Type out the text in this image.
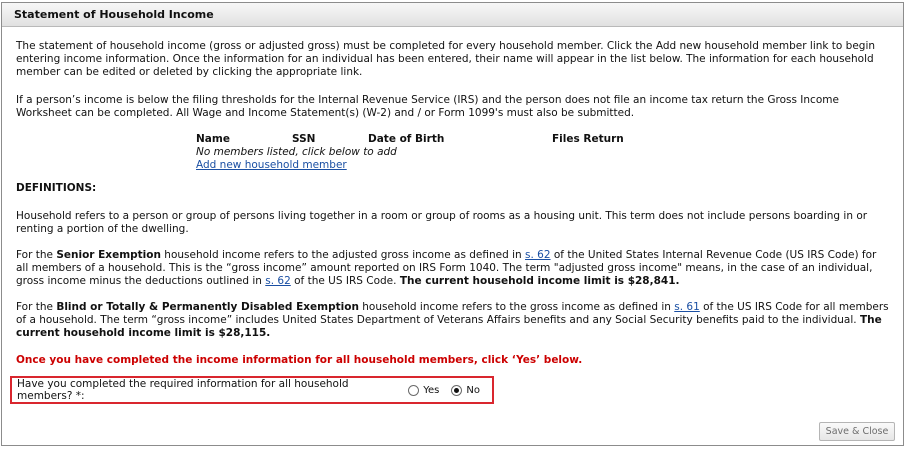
Statement of Household Income

The statement of household income (gross or adjusted gross) must be completed for every household member. Click the Add new household member link to begin entering income information. Once the information for an individual has been entered, their name will appear in the list below. The information for each household member can be edited or deleted by clicking the appropriate link.

If a person’s income is below the filing thresholds for the Internal Revenue Service (IRS) and the person does not file an income tax return the Gross Income Worksheet can be completed. All Wage and Income Statement(s) (W-2) and / or Form 1099's must also be submitted.

Name	SSN	Date of Birth	Files Return
No members listed, click below to add
Add new household member

DEFINITIONS:

Household refers to a person or group of persons living together in a room or group of rooms as a housing unit. This term does not include persons boarding in or renting a portion of the dwelling.

For the Senior Exemption household income refers to the adjusted gross income as defined in s. 62 of the United States Internal Revenue Code (US IRS Code) for all members of a household. This is the “gross income” amount reported on IRS Form 1040. The term "adjusted gross income" means, in the case of an individual, gross income minus the deductions outlined in s. 62 of the US IRS Code. The current household income limit is $28,841.

For the Blind or Totally & Permanently Disabled Exemption household income refers to the gross income as defined in s. 61 of the US IRS Code for all members of a household. The term “gross income” includes United States Department of Veterans Affairs benefits and any Social Security benefits paid to the individual. The current household income limit is $28,115.

Once you have completed the income information for all household members, click ‘Yes’ below.

Have you completed the required information for all household members? *:	Yes	No
Save & Close
